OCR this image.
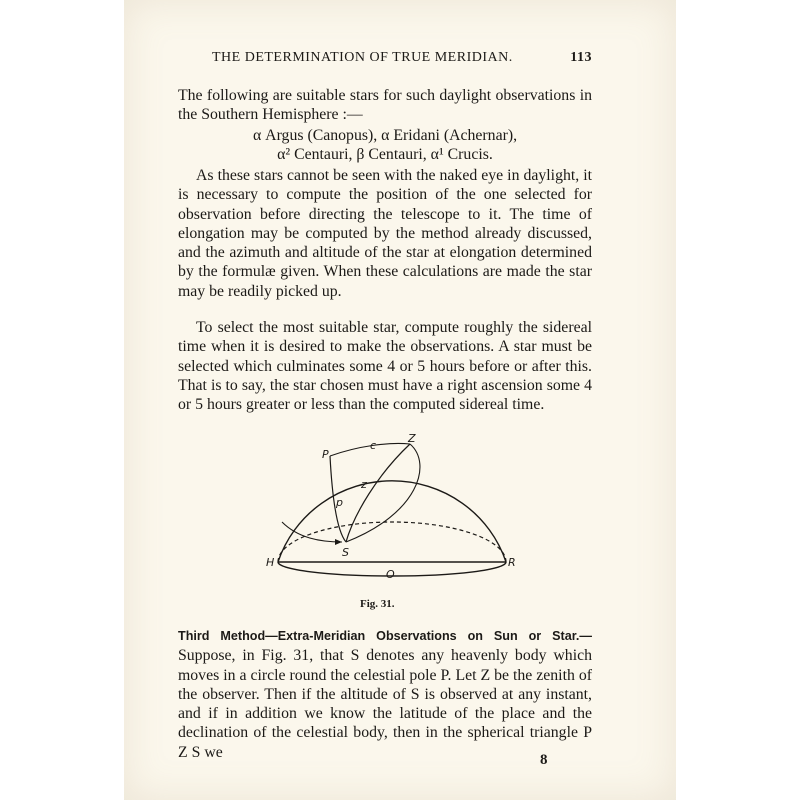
THE DETERMINATION OF TRUE MERIDIAN.	113

The following are suitable stars for such daylight observations in the Southern Hemisphere :—

α Argus (Canopus), α Eridani (Achernar),
α² Centauri, β Centauri, α¹ Crucis.

As these stars cannot be seen with the naked eye in daylight, it is necessary to compute the position of the one selected for observation before directing the telescope to it. The time of elongation may be computed by the method already discussed, and the azimuth and altitude of the star at elongation determined by the formulæ given. When these calculations are made the star may be readily picked up.

To select the most suitable star, compute roughly the sidereal time when it is desired to make the observations. A star must be selected which culminates some 4 or 5 hours before or after this. That is to say, the star chosen must have a right ascension some 4 or 5 hours greater or less than the computed sidereal time.

P
c
Z
z
p
S
H
O
R
Fig. 31.

Third Method—Extra-Meridian Observations on Sun or Star.— Suppose, in Fig. 31, that S denotes any heavenly body which moves in a circle round the celestial pole P. Let Z be the zenith of the observer. Then if the altitude of S is observed at any instant, and if in addition we know the latitude of the place and the declination of the celestial body, then in the spherical triangle P Z S we	8
